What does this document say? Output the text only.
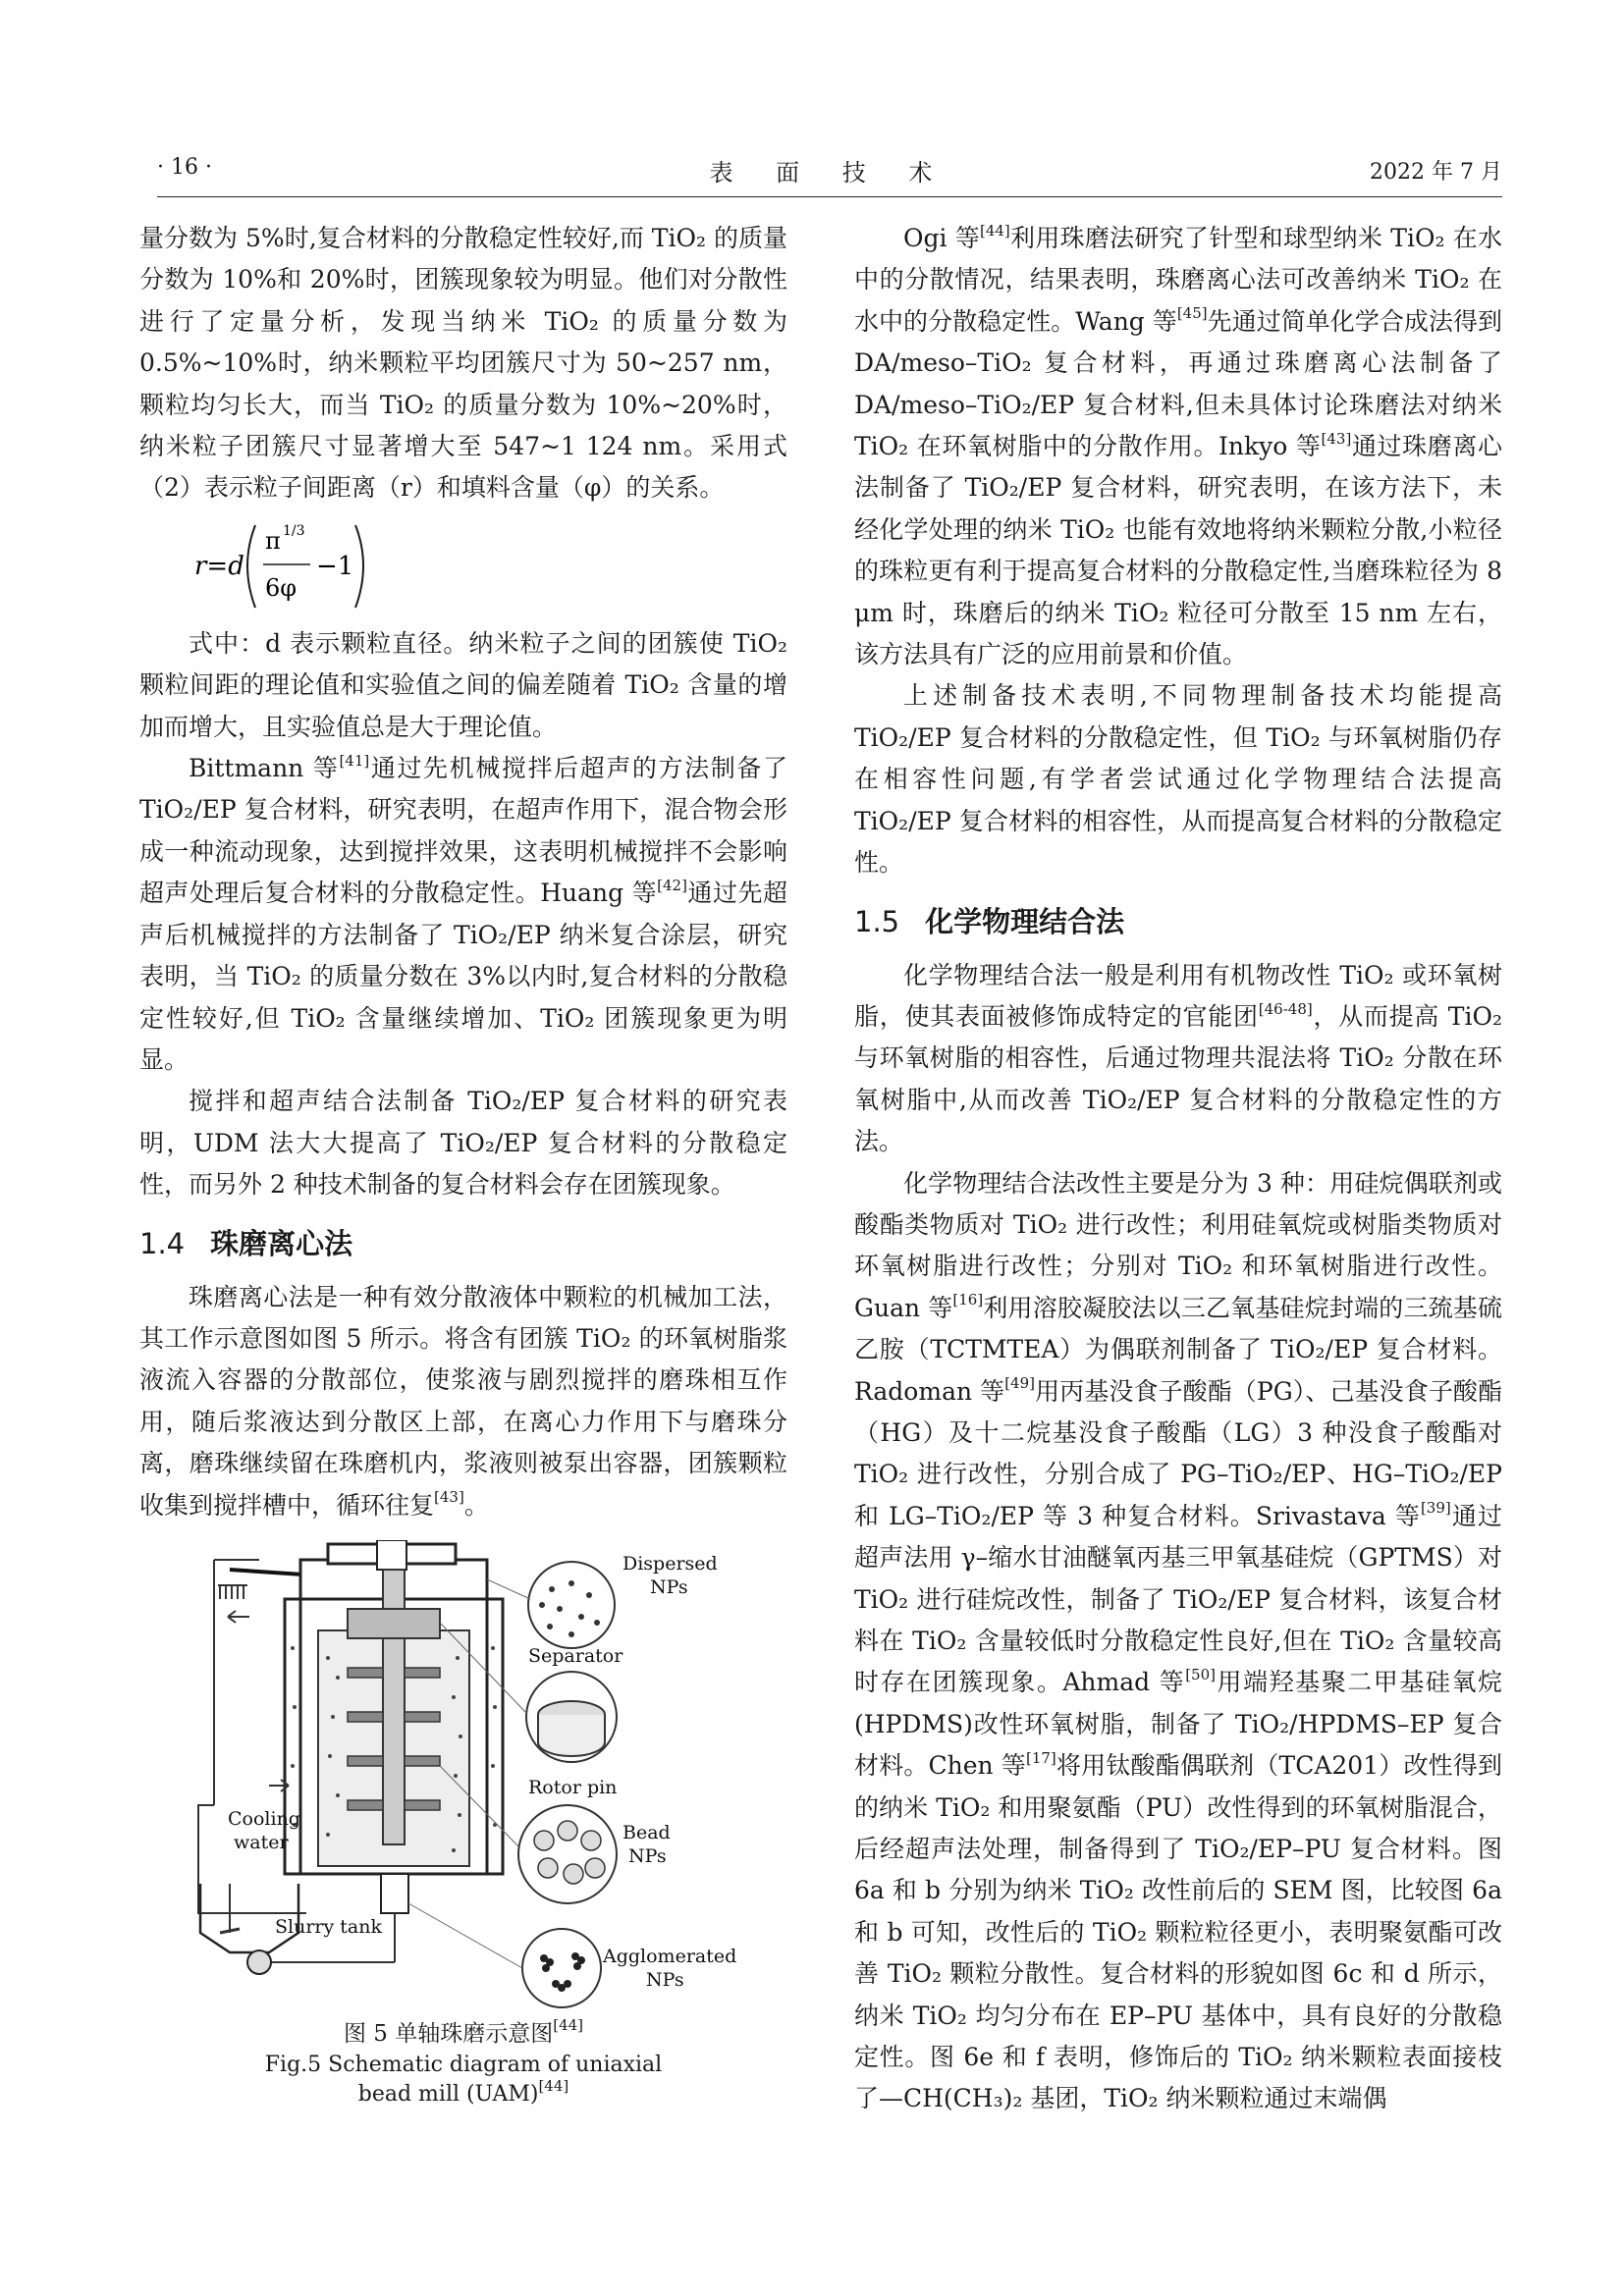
· 16 ·	表 面 技 术	2022 年 7 月

量分数为 5%时,复合材料的分散稳定性较好,而 TiO₂ 的质量分数为 10%和 20%时，团簇现象较为明显。他们对分散性进行了定量分析，发现当纳米 TiO₂ 的质量分数为 0.5%~10%时，纳米颗粒平均团簇尺寸为 50~257 nm，颗粒均匀长大，而当 TiO₂ 的质量分数为 10%~20%时，纳米粒子团簇尺寸显著增大至 547~1 124 nm。采用式（2）表示粒子间距离（r）和填料含量（φ）的关系。

r=d
π 1/3
6φ
−1

式中：d 表示颗粒直径。纳米粒子之间的团簇使 TiO₂ 颗粒间距的理论值和实验值之间的偏差随着 TiO₂ 含量的增加而增大，且实验值总是大于理论值。

Bittmann 等[41]通过先机械搅拌后超声的方法制备了 TiO₂/EP 复合材料，研究表明，在超声作用下，混合物会形成一种流动现象，达到搅拌效果，这表明机械搅拌不会影响超声处理后复合材料的分散稳定性。Huang 等[42]通过先超声后机械搅拌的方法制备了 TiO₂/EP 纳米复合涂层，研究表明，当 TiO₂ 的质量分数在 3%以内时,复合材料的分散稳定性较好,但 TiO₂ 含量继续增加、TiO₂ 团簇现象更为明显。

搅拌和超声结合法制备 TiO₂/EP 复合材料的研究表明，UDM 法大大提高了 TiO₂/EP 复合材料的分散稳定性，而另外 2 种技术制备的复合材料会存在团簇现象。

1.4 珠磨离心法

珠磨离心法是一种有效分散液体中颗粒的机械加工法，其工作示意图如图 5 所示。将含有团簇 TiO₂ 的环氧树脂浆液流入容器的分散部位，使浆液与剧烈搅拌的磨珠相互作用，随后浆液达到分散区上部，在离心力作用下与磨珠分离，磨珠继续留在珠磨机内，浆液则被泵出容器，团簇颗粒收集到搅拌槽中，循环往复[43]。

Dispersed
NPs
Separator
Rotor pin
Bead
NPs
Cooling
water
Slurry tank
Agglomerated
NPs
图 5 单轴珠磨示意图[44]
Fig.5 Schematic diagram of uniaxial
bead mill (UAM)[44]

Ogi 等[44]利用珠磨法研究了针型和球型纳米 TiO₂ 在水中的分散情况，结果表明，珠磨离心法可改善纳米 TiO₂ 在水中的分散稳定性。Wang 等[45]先通过简单化学合成法得到 DA/meso–TiO₂ 复合材料，再通过珠磨离心法制备了 DA/meso–TiO₂/EP 复合材料,但未具体讨论珠磨法对纳米 TiO₂ 在环氧树脂中的分散作用。Inkyo 等[43]通过珠磨离心法制备了 TiO₂/EP 复合材料，研究表明，在该方法下，未经化学处理的纳米 TiO₂ 也能有效地将纳米颗粒分散,小粒径的珠粒更有利于提高复合材料的分散稳定性,当磨珠粒径为 8 μm 时，珠磨后的纳米 TiO₂ 粒径可分散至 15 nm 左右，该方法具有广泛的应用前景和价值。

上述制备技术表明,不同物理制备技术均能提高 TiO₂/EP 复合材料的分散稳定性，但 TiO₂ 与环氧树脂仍存在相容性问题,有学者尝试通过化学物理结合法提高 TiO₂/EP 复合材料的相容性，从而提高复合材料的分散稳定性。

1.5 化学物理结合法

化学物理结合法一般是利用有机物改性 TiO₂ 或环氧树脂，使其表面被修饰成特定的官能团[46-48]，从而提高 TiO₂ 与环氧树脂的相容性，后通过物理共混法将 TiO₂ 分散在环氧树脂中,从而改善 TiO₂/EP 复合材料的分散稳定性的方法。

化学物理结合法改性主要是分为 3 种：用硅烷偶联剂或酸酯类物质对 TiO₂ 进行改性；利用硅氧烷或树脂类物质对环氧树脂进行改性；分别对 TiO₂ 和环氧树脂进行改性。Guan 等[16]利用溶胶凝胶法以三乙氧基硅烷封端的三巯基硫乙胺（TCTMTEA）为偶联剂制备了 TiO₂/EP 复合材料。Radoman 等[49]用丙基没食子酸酯（PG）、己基没食子酸酯（HG）及十二烷基没食子酸酯（LG）3 种没食子酸酯对 TiO₂ 进行改性，分别合成了 PG–TiO₂/EP、HG–TiO₂/EP 和 LG–TiO₂/EP 等 3 种复合材料。Srivastava 等[39]通过超声法用 γ–缩水甘油醚氧丙基三甲氧基硅烷（GPTMS）对 TiO₂ 进行硅烷改性，制备了 TiO₂/EP 复合材料，该复合材料在 TiO₂ 含量较低时分散稳定性良好,但在 TiO₂ 含量较高时存在团簇现象。Ahmad 等[50]用端羟基聚二甲基硅氧烷(HPDMS)改性环氧树脂，制备了 TiO₂/HPDMS–EP 复合材料。Chen 等[17]将用钛酸酯偶联剂（TCA201）改性得到的纳米 TiO₂ 和用聚氨酯（PU）改性得到的环氧树脂混合，后经超声法处理，制备得到了 TiO₂/EP–PU 复合材料。图 6a 和 b 分别为纳米 TiO₂ 改性前后的 SEM 图，比较图 6a 和 b 可知，改性后的 TiO₂ 颗粒粒径更小，表明聚氨酯可改善 TiO₂ 颗粒分散性。复合材料的形貌如图 6c 和 d 所示，纳米 TiO₂ 均匀分布在 EP–PU 基体中，具有良好的分散稳定性。图 6e 和 f 表明，修饰后的 TiO₂ 纳米颗粒表面接枝了—CH(CH₃)₂ 基团，TiO₂ 纳米颗粒通过末端偶
